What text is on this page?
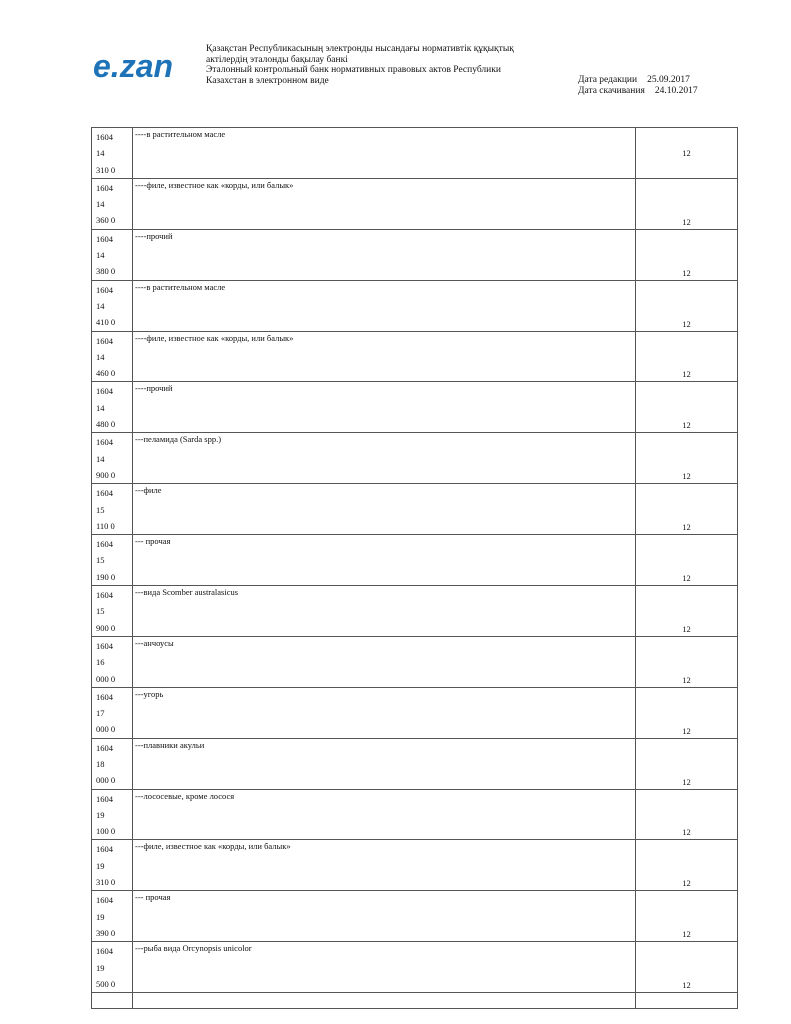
e.zan	Қазақстан Республикасының электронды нысандағы нормативтік құқықтық
актілердің эталонды бақылау банкі
Эталонный контрольный банк нормативных правовых актов Республики
Казахстан в электронном виде	Дата редакции 25.09.2017
Дата скачивания 24.10.2017
1604
14
310 0	----в растительном масле	12

1604
14
360 0	----филе, известное как «корды, или балык»	12

1604
14
380 0	----прочий	12

1604
14
410 0	----в растительном масле	12

1604
14
460 0	----филе, известное как «корды, или балык»	12

1604
14
480 0	----прочий	12

1604
14
900 0	---пеламида (Sarda spp.)	12

1604
15
110 0	---филе	12

1604
15
190 0	--- прочая	12

1604
15
900 0	---вида Scomber australasicus	12

1604
16
000 0	---анчоусы	12

1604
17
000 0	---угорь	12

1604
18
000 0	---плавники акульи	12

1604
19
100 0	---лососевые, кроме лосося	12

1604
19
310 0	---филе, известное как «корды, или балык»	12

1604
19
390 0	--- прочая	12

1604
19
500 0	---рыба вида Orcynopsis unicolor	12
